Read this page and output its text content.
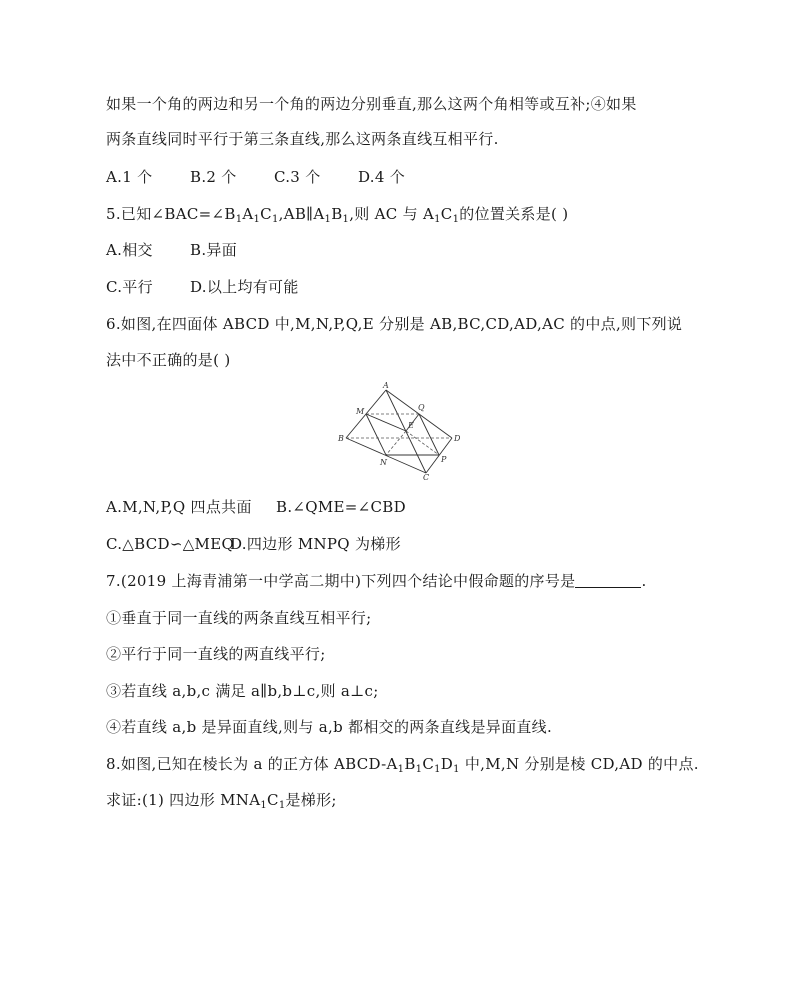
如果一个角的两边和另一个角的两边分别垂直,那么这两个角相等或互补;④如果
两条直线同时平行于第三条直线,那么这两条直线互相平行.
A.1 个	B.2 个 C.3 个 D.4 个
5.已知$\angle BAC=\angle B_1A_1C_1,AB\parallel A_1B_1$,则 AC 与 $A_1C_1$的位置关系是( )
A.相交 B.异面
C.平行 D.以上均有可能
6.如图,在四面体 ABCD 中,M,N,P,Q,E 分别是 AB,BC,CD,AD,AC 的中点,则下列说
法中不正确的是( )
A
B
C
D
M
N	P
Q
E
A.M,N,P,Q 四点共面 B.∠QME=∠CBD
C.△BCD∽△MEQD.四边形 MNPQ 为梯形
7.(2019 上海青浦第一中学高二期中)下列四个结论中假命题的序号是	.
①垂直于同一直线的两条直线互相平行;
②平行于同一直线的两直线平行;
③若直线 a,b,c 满足 a∥b,b⊥c,则 a⊥c;
④若直线 a,b 是异面直线,则与 a,b 都相交的两条直线是异面直线.
8.如图,已知在棱长为 a 的正方体 ABCD-$A_1B_1C_1D_1$ 中,M,N 分别是棱 CD,AD 的中点.
求证:(1) 四边形 $MNA_1C_1$是梯形;
